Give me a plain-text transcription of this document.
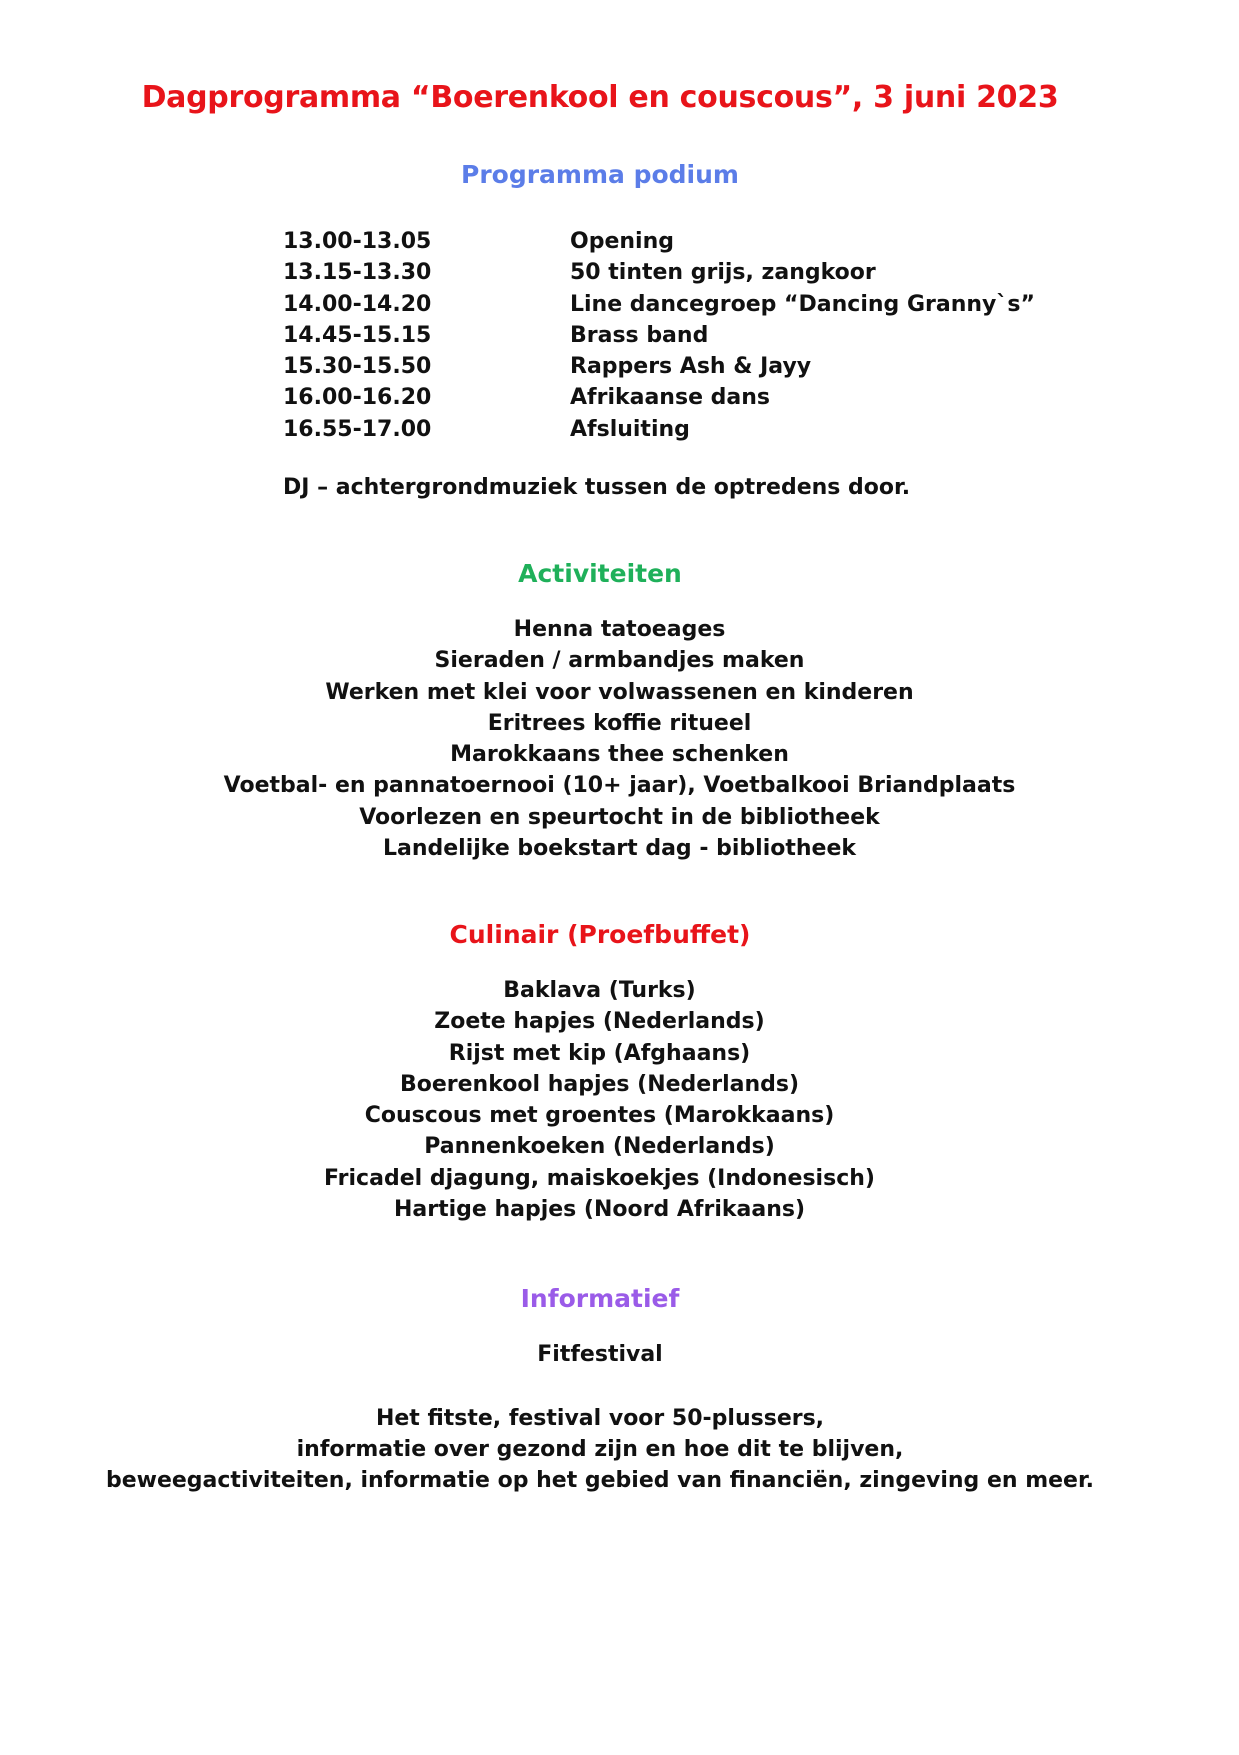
Dagprogramma “Boerenkool en couscous”, 3 juni 2023
Programma podium
13.00-13.05	Opening
13.15-13.30	50 tinten grijs, zangkoor
14.00-14.20	Line dancegroep “Dancing Granny`s”
14.45-15.15	Brass band
15.30-15.50	Rappers Ash & Jayy
16.00-16.20	Afrikaanse dans
16.55-17.00	Afsluiting
DJ – achtergrondmuziek tussen de optredens door.
Activiteiten
Henna tatoeages
Sieraden / armbandjes maken
Werken met klei voor volwassenen en kinderen
Eritrees koffie ritueel
Marokkaans thee schenken
Voetbal- en pannatoernooi (10+ jaar), Voetbalkooi Briandplaats
Voorlezen en speurtocht in de bibliotheek
Landelijke boekstart dag - bibliotheek
Culinair (Proefbuffet)
Baklava (Turks)
Zoete hapjes (Nederlands)
Rijst met kip (Afghaans)
Boerenkool hapjes (Nederlands)
Couscous met groentes (Marokkaans)
Pannenkoeken (Nederlands)
Fricadel djagung, maiskoekjes (Indonesisch)
Hartige hapjes (Noord Afrikaans)
Informatief
Fitfestival
Het fitste, festival voor 50-plussers,
informatie over gezond zijn en hoe dit te blijven,
beweegactiviteiten, informatie op het gebied van financiën, zingeving en meer.
